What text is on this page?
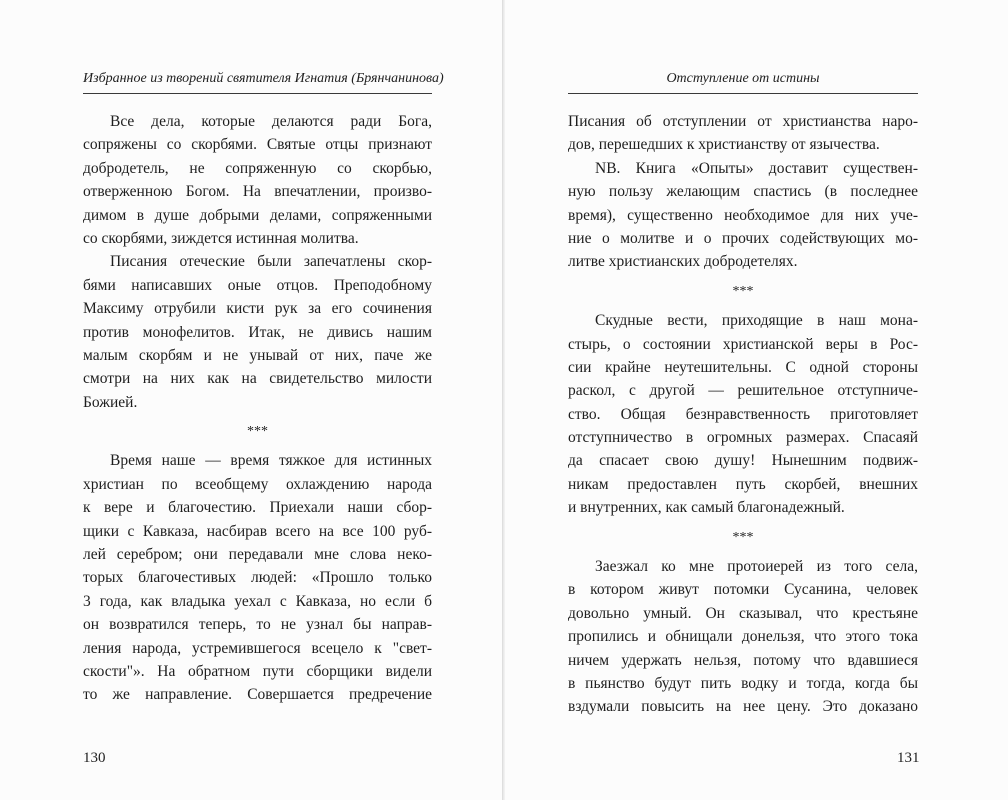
Избранное из творений святителя Игнатия (Брянчанинова)
Все дела, которые делаются ради Бога,
сопряжены со скорбями. Святые отцы признают
добродетель, не сопряженную со скорбью,
отверженною Богом. На впечатлении, произво-
димом в душе добрыми делами, сопряженными
со скорбями, зиждется истинная молитва.
Писания отеческие были запечатлены скор-
бями написавших оные отцов. Преподобному
Максиму отрубили кисти рук за его сочинения
против монофелитов. Итак, не дивись нашим
малым скорбям и не унывай от них, паче же
смотри на них как на свидетельство милости
Божией.
***
Время наше — время тяжкое для истинных
христиан по всеобщему охлаждению народа
к вере и благочестию. Приехали наши сбор-
щики с Кавказа, насбирав всего на все 100 руб-
лей серебром; они передавали мне слова неко-
торых благочестивых людей: «Прошло только
3 года, как владыка уехал с Кавказа, но если б
он возвратился теперь, то не узнал бы направ-
ления народа, устремившегося всецело к "свет-
скости"». На обратном пути сборщики видели
то же направление. Совершается предречение
130
Отступление от истины
Писания об отступлении от христианства наро-
дов, перешедших к христианству от язычества.
NB. Книга «Опыты» доставит существен-
ную пользу желающим спастись (в последнее
время), существенно необходимое для них уче-
ние о молитве и о прочих содействующих мо-
литве христианских добродетелях.
***
Скудные вести, приходящие в наш мона-
стырь, о состоянии христианской веры в Рос-
сии крайне неутешительны. С одной стороны
раскол, с другой — решительное отступниче-
ство. Общая безнравственность приготовляет
отступничество в огромных размерах. Спасаяй
да спасает свою душу! Нынешним подвиж-
никам предоставлен путь скорбей, внешних
и внутренних, как самый благонадежный.
***
Заезжал ко мне протоиерей из того села,
в котором живут потомки Сусанина, человек
довольно умный. Он сказывал, что крестьяне
пропились и обнищали донельзя, что этого тока
ничем удержать нельзя, потому что вдавшиеся
в пьянство будут пить водку и тогда, когда бы
вздумали повысить на нее цену. Это доказано
131
